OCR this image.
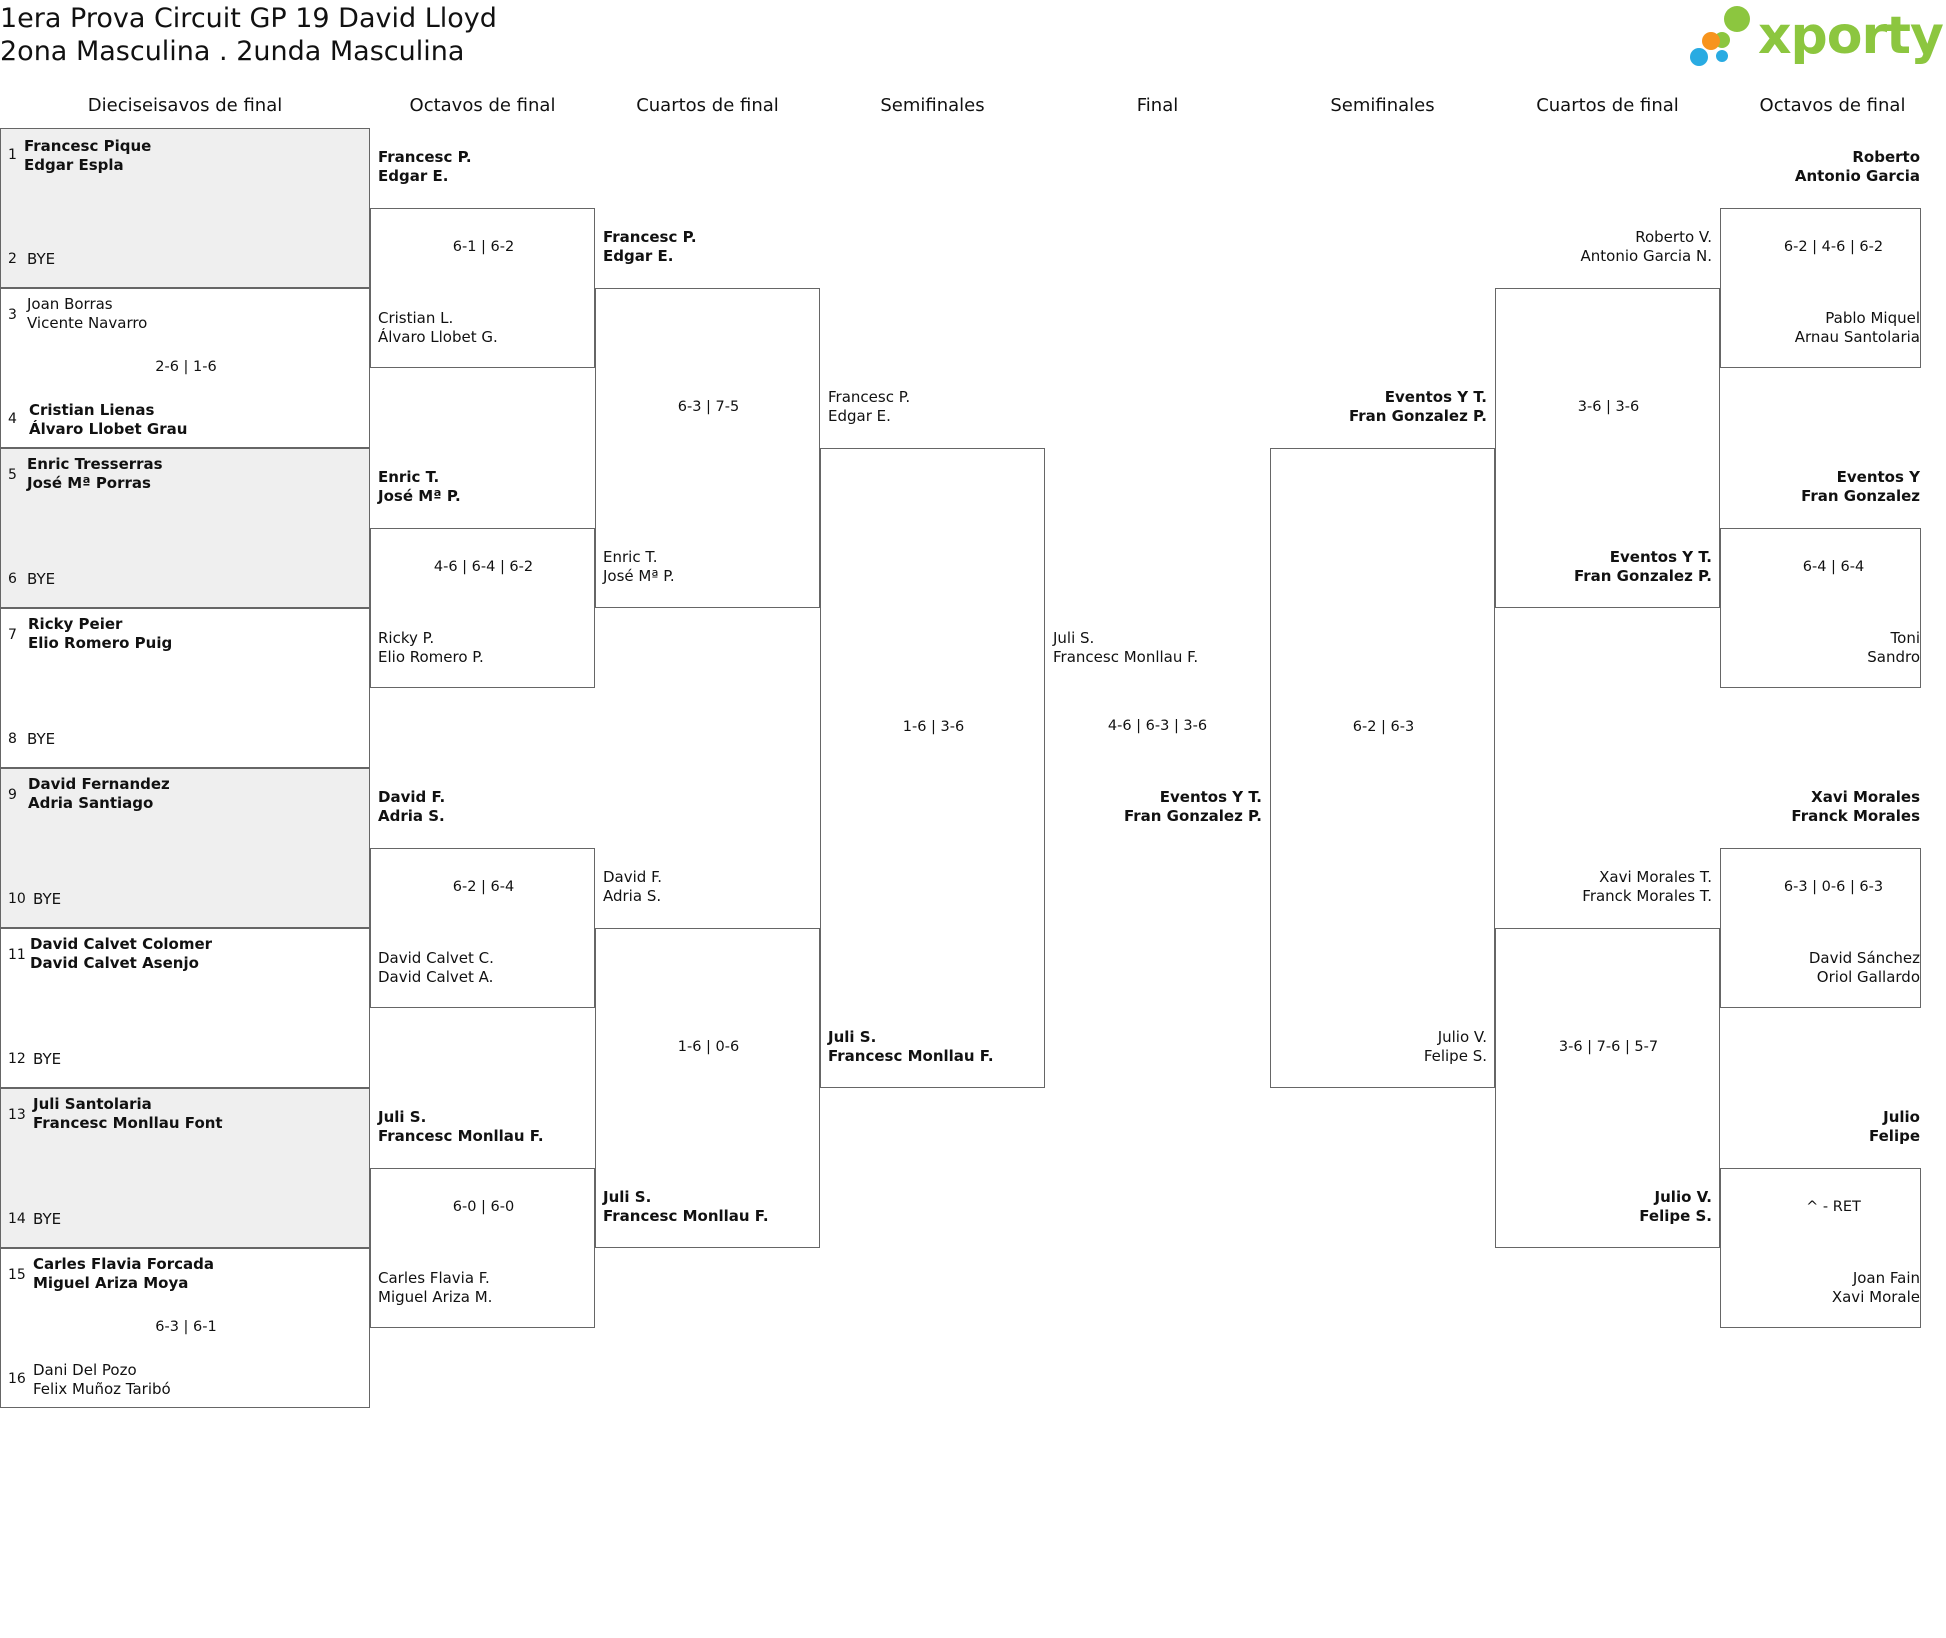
1era Prova Circuit GP 19 David Lloyd
2ona Masculina . 2unda Masculina	xporty
Dieciseisavos de final	Octavos de final	Cuartos de final	Semifinales	Final	Semifinales	Cuartos de final	Octavos de final
1 Francesc Pique
Edgar Espla
2 BYE
3
Joan Borras
Vicente Navarro
2-6 | 1-6
4 Cristian Lienas
Álvaro Llobet Grau
5
Enric Tresserras
José Mª Porras
6 BYE
7
Ricky Peier
Elio Romero Puig
8 BYE
9
David Fernandez
Adria Santiago
10 BYE
11
David Calvet Colomer
David Calvet Asenjo
12 BYE
13
Juli Santolaria
Francesc Monllau Font
14 BYE
15
Carles Flavia Forcada
Miguel Ariza Moya
6-3 | 6-1
16 Dani Del Pozo
Felix Muñoz Taribó
Francesc P.
Edgar E.
6-1 | 6-2
Cristian L.
Álvaro Llobet G.
Enric T.
José Mª P.
4-6 | 6-4 | 6-2
Ricky P.
Elio Romero P.
David F.
Adria S.
6-2 | 6-4
David Calvet C.
David Calvet A.
Juli S.
Francesc Monllau F.
6-0 | 6-0
Carles Flavia F.
Miguel Ariza M.
Francesc P.
Edgar E.
6-3 | 7-5
Enric T.
José Mª P.
David F.
Adria S.
1-6 | 0-6
Juli S.
Francesc Monllau F.
Francesc P.
Edgar E.
1-6 | 3-6
Juli S.
Francesc Monllau F.
Juli S.
Francesc Monllau F.
4-6 | 6-3 | 3-6
Eventos Y T.
Fran Gonzalez P.
Eventos Y T.
Fran Gonzalez P.
6-2 | 6-3
Julio V.
Felipe S.
Roberto V.
Antonio Garcia N.
3-6 | 3-6
Eventos Y T.
Fran Gonzalez P.
Xavi Morales T.
Franck Morales T.
3-6 | 7-6 | 5-7
Julio V.
Felipe S.
Roberto
Antonio Garcia
6-2 | 4-6 | 6-2
Pablo Miquel
Arnau Santolaria
Eventos Y
Fran Gonzalez
6-4 | 6-4
Toni
Sandro
Xavi Morales
Franck Morales
6-3 | 0-6 | 6-3
David Sánchez
Oriol Gallardo
Julio
Felipe
^ - RET
Joan Fain
Xavi Morale
